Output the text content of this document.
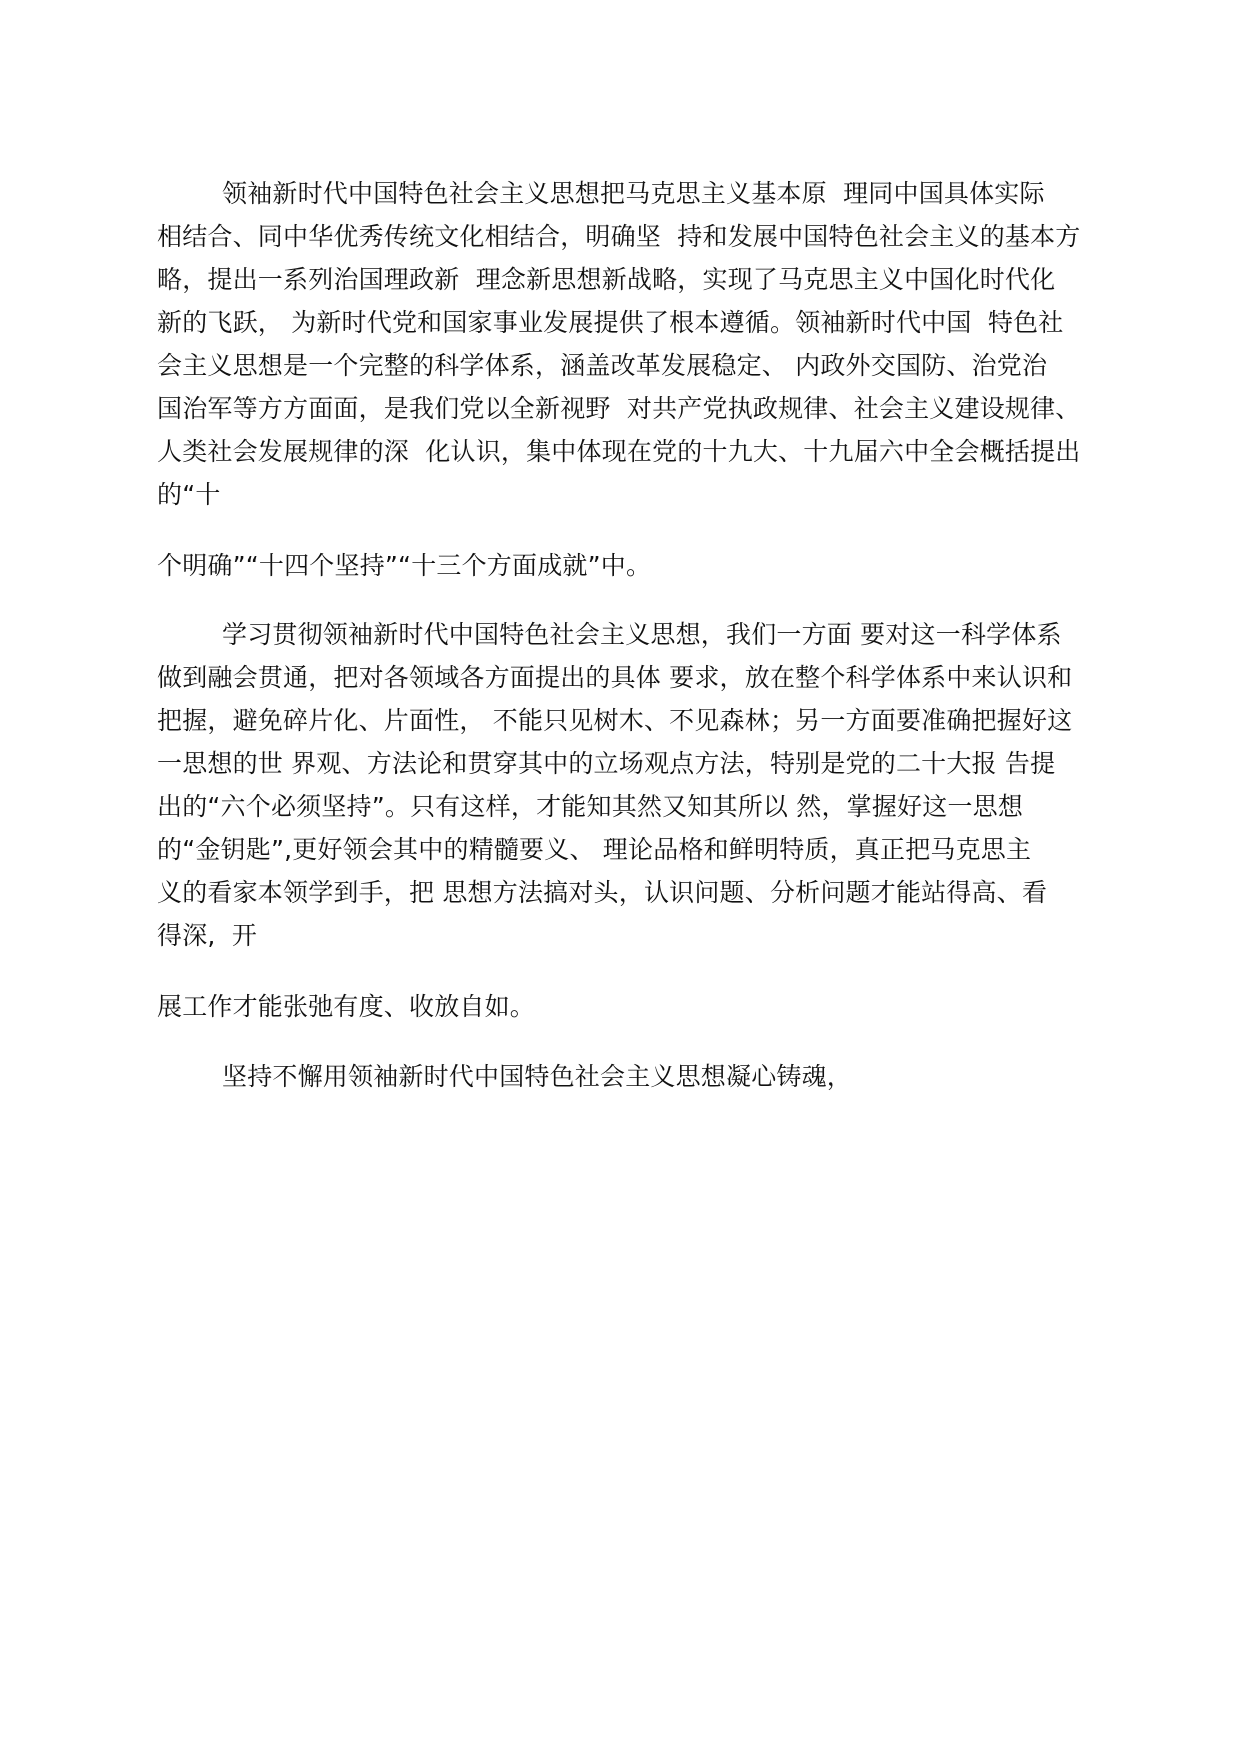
领袖新时代中国特色社会主义思想把马克思主义基本原  理同中国具体实际
相结合、同中华优秀传统文化相结合，明确坚  持和发展中国特色社会主义的基本方
略，提出一系列治国理政新  理念新思想新战略，实现了马克思主义中国化时代化
新的飞跃， 为新时代党和国家事业发展提供了根本遵循。领袖新时代中国  特色社
会主义思想是一个完整的科学体系，涵盖改革发展稳定、 内政外交国防、治党治
国治军等方方面面，是我们党以全新视野  对共产党执政规律、社会主义建设规律、
人类社会发展规律的深  化认识，集中体现在党的十九大、十九届六中全会概括提出
的“十
个明确”“十四个坚持”“十三个方面成就”中。
学习贯彻领袖新时代中国特色社会主义思想，我们一方面 要对这一科学体系
做到融会贯通，把对各领域各方面提出的具体 要求，放在整个科学体系中来认识和
把握，避免碎片化、片面性， 不能只见树木、不见森林；另一方面要准确把握好这
一思想的世 界观、方法论和贯穿其中的立场观点方法，特别是党的二十大报 告提
出的“六个必须坚持”。只有这样，才能知其然又知其所以 然，掌握好这一思想
的“金钥匙”,更好领会其中的精髓要义、 理论品格和鲜明特质，真正把马克思主
义的看家本领学到手，把 思想方法搞对头，认识问题、分析问题才能站得高、看
得深,  开
展工作才能张弛有度、收放自如。
坚持不懈用领袖新时代中国特色社会主义思想凝心铸魂，
